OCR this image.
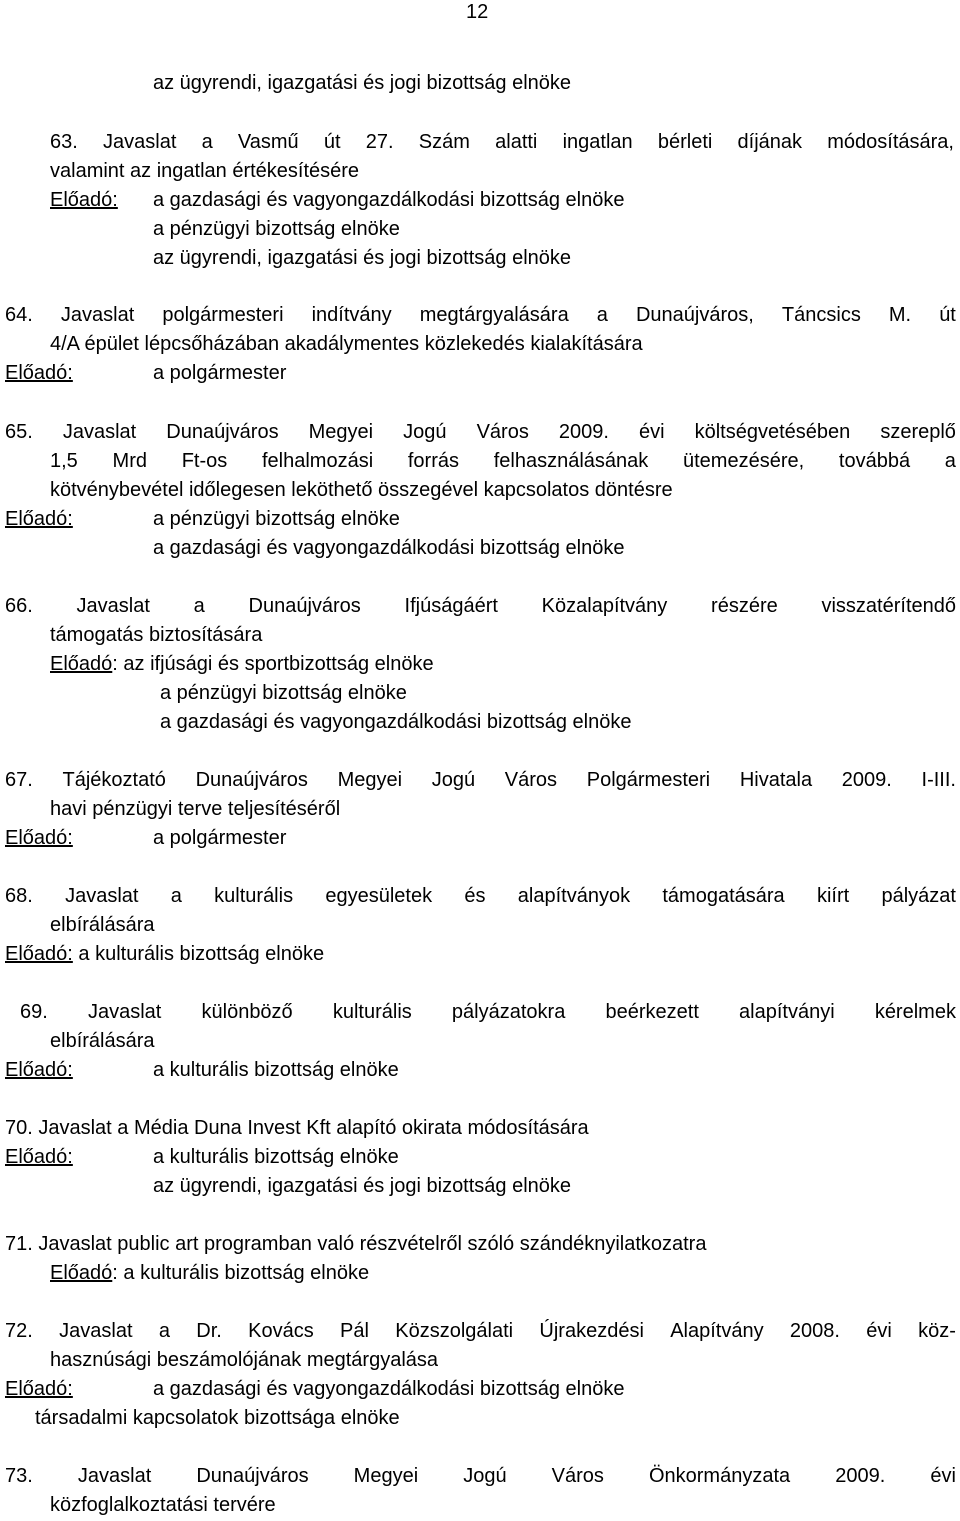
12
az ügyrendi, igazgatási és jogi bizottság elnöke
63. Javaslat a Vasmű út 27. Szám alatti ingatlan bérleti díjának módosítására,
valamint az ingatlan értékesítésére
Előadó: a gazdasági és vagyongazdálkodási bizottság elnöke
a pénzügyi bizottság elnöke
az ügyrendi, igazgatási és jogi bizottság elnöke
64. Javaslat polgármesteri indítvány megtárgyalására a Dunaújváros, Táncsics M. út
4/A épület lépcsőházában akadálymentes közlekedés kialakítására
Előadó:	a polgármester
65. Javaslat Dunaújváros Megyei Jogú Város 2009. évi költségvetésében szereplő
1,5 Mrd Ft-os felhalmozási forrás felhasználásának ütemezésére, továbbá a
kötvénybevétel időlegesen leköthető összegével kapcsolatos döntésre
Előadó:	a pénzügyi bizottság elnöke
a gazdasági és vagyongazdálkodási bizottság elnöke
66. Javaslat a Dunaújváros Ifjúságáért Közalapítvány részére visszatérítendő
támogatás biztosítására
Előadó: az ifjúsági és sportbizottság elnöke
a pénzügyi bizottság elnöke
a gazdasági és vagyongazdálkodási bizottság elnöke
67. Tájékoztató Dunaújváros Megyei Jogú Város Polgármesteri Hivatala 2009. I-III.
havi pénzügyi terve teljesítéséről
Előadó:	a polgármester
68. Javaslat a kulturális egyesületek és alapítványok támogatására kiírt pályázat
elbírálására
Előadó: a kulturális bizottság elnöke
69. Javaslat különböző kulturális pályázatokra beérkezett alapítványi kérelmek
elbírálására
Előadó:	a kulturális bizottság elnöke
70. Javaslat a Média Duna Invest Kft alapító okirata módosítására
Előadó:	a kulturális bizottság elnöke
az ügyrendi, igazgatási és jogi bizottság elnöke
71. Javaslat public art programban való részvételről szóló szándéknyilatkozatra
Előadó: a kulturális bizottság elnöke
72. Javaslat a Dr. Kovács Pál Közszolgálati Újrakezdési Alapítvány 2008. évi köz-
hasznúsági beszámolójának megtárgyalása
Előadó:	a gazdasági és vagyongazdálkodási bizottság elnöke
társadalmi kapcsolatok bizottsága elnöke
73. Javaslat Dunaújváros Megyei Jogú Város Önkormányzata 2009. évi
közfoglalkoztatási tervére
